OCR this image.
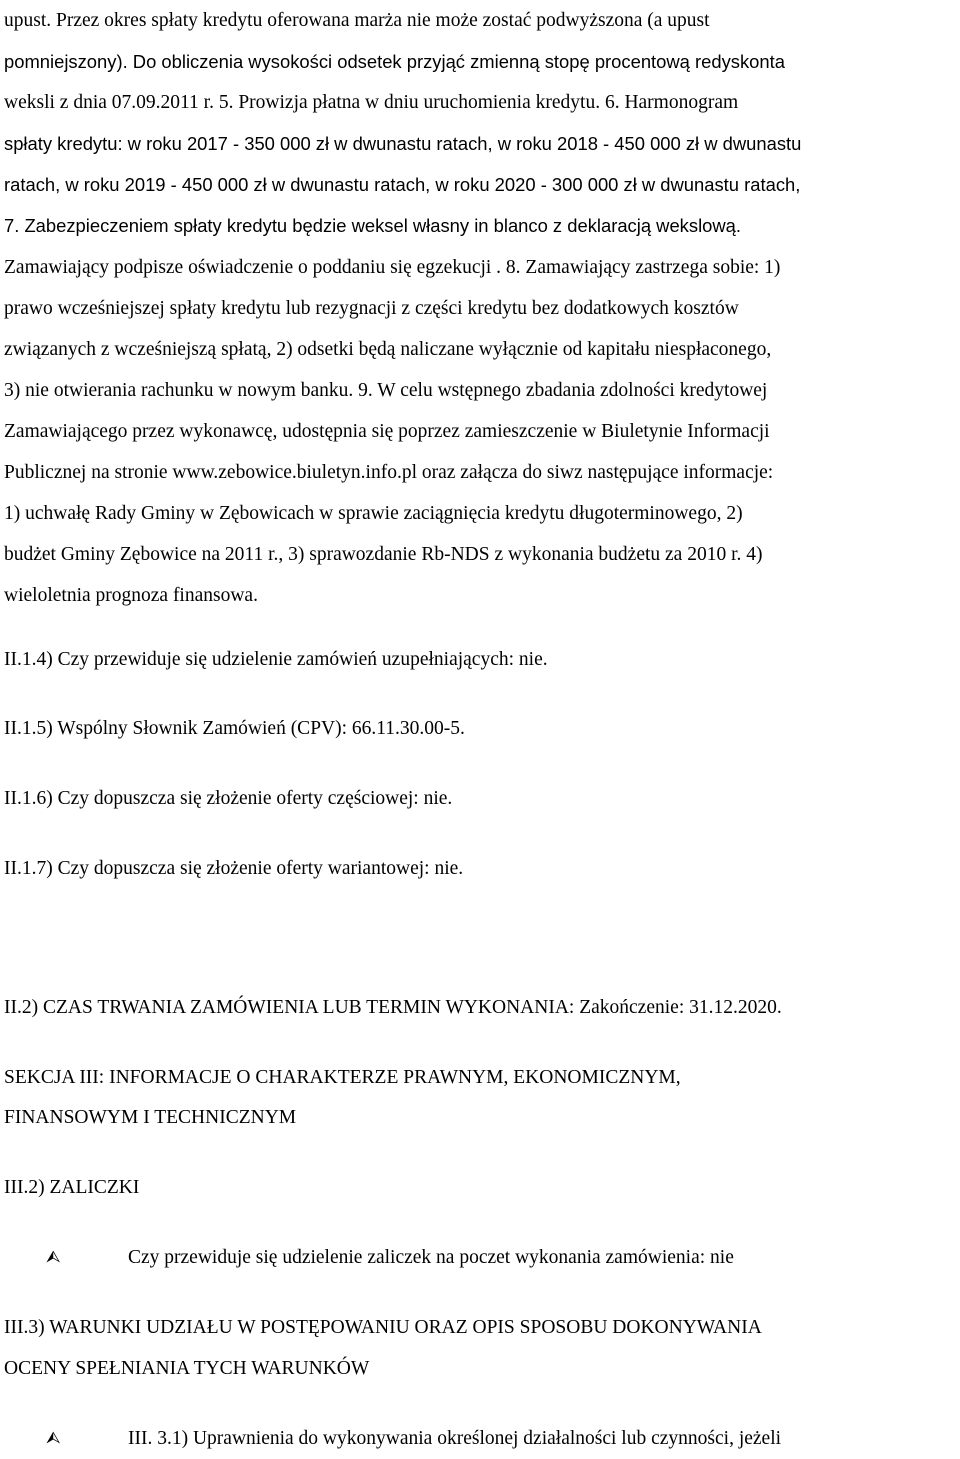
upust. Przez okres spłaty kredytu oferowana marża nie może zostać podwyższona (a upust
pomniejszony). Do obliczenia wysokości odsetek przyjąć zmienną stopę procentową redyskonta
weksli z dnia 07.09.2011 r. 5. Prowizja płatna w dniu uruchomienia kredytu. 6. Harmonogram
spłaty kredytu: w roku 2017 - 350 000 zł w dwunastu ratach, w roku 2018 - 450 000 zł w dwunastu
ratach, w roku 2019 - 450 000 zł w dwunastu ratach, w roku 2020 - 300 000 zł w dwunastu ratach,
7. Zabezpieczeniem spłaty kredytu będzie weksel własny in blanco z deklaracją wekslową.
Zamawiający podpisze oświadczenie o poddaniu się egzekucji . 8. Zamawiający zastrzega sobie: 1)
prawo wcześniejszej spłaty kredytu lub rezygnacji z części kredytu bez dodatkowych kosztów
związanych z wcześniejszą spłatą, 2) odsetki będą naliczane wyłącznie od kapitału niespłaconego,
3) nie otwierania rachunku w nowym banku. 9. W celu wstępnego zbadania zdolności kredytowej
Zamawiającego przez wykonawcę, udostępnia się poprzez zamieszczenie w Biuletynie Informacji
Publicznej na stronie www.zebowice.biuletyn.info.pl oraz załącza do siwz następujące informacje:
1) uchwałę Rady Gminy w Zębowicach w sprawie zaciągnięcia kredytu długoterminowego, 2)
budżet Gminy Zębowice na 2011 r., 3) sprawozdanie Rb-NDS z wykonania budżetu za 2010 r. 4)
wieloletnia prognoza finansowa.

II.1.4) Czy przewiduje się udzielenie zamówień uzupełniających: nie.

II.1.5) Wspólny Słownik Zamówień (CPV): 66.11.30.00-5.

II.1.6) Czy dopuszcza się złożenie oferty częściowej: nie.

II.1.7) Czy dopuszcza się złożenie oferty wariantowej: nie.

II.2) CZAS TRWANIA ZAMÓWIENIA LUB TERMIN WYKONANIA: Zakończenie: 31.12.2020.

SEKCJA III: INFORMACJE O CHARAKTERZE PRAWNYM, EKONOMICZNYM,

FINANSOWYM I TECHNICZNYM

III.2) ZALICZKI

⮙	Czy przewiduje się udzielenie zaliczek na poczet wykonania zamówienia: nie

III.3) WARUNKI UDZIAŁU W POSTĘPOWANIU ORAZ OPIS SPOSOBU DOKONYWANIA

OCENY SPEŁNIANIA TYCH WARUNKÓW

⮙	III. 3.1) Uprawnienia do wykonywania określonej działalności lub czynności, jeżeli
